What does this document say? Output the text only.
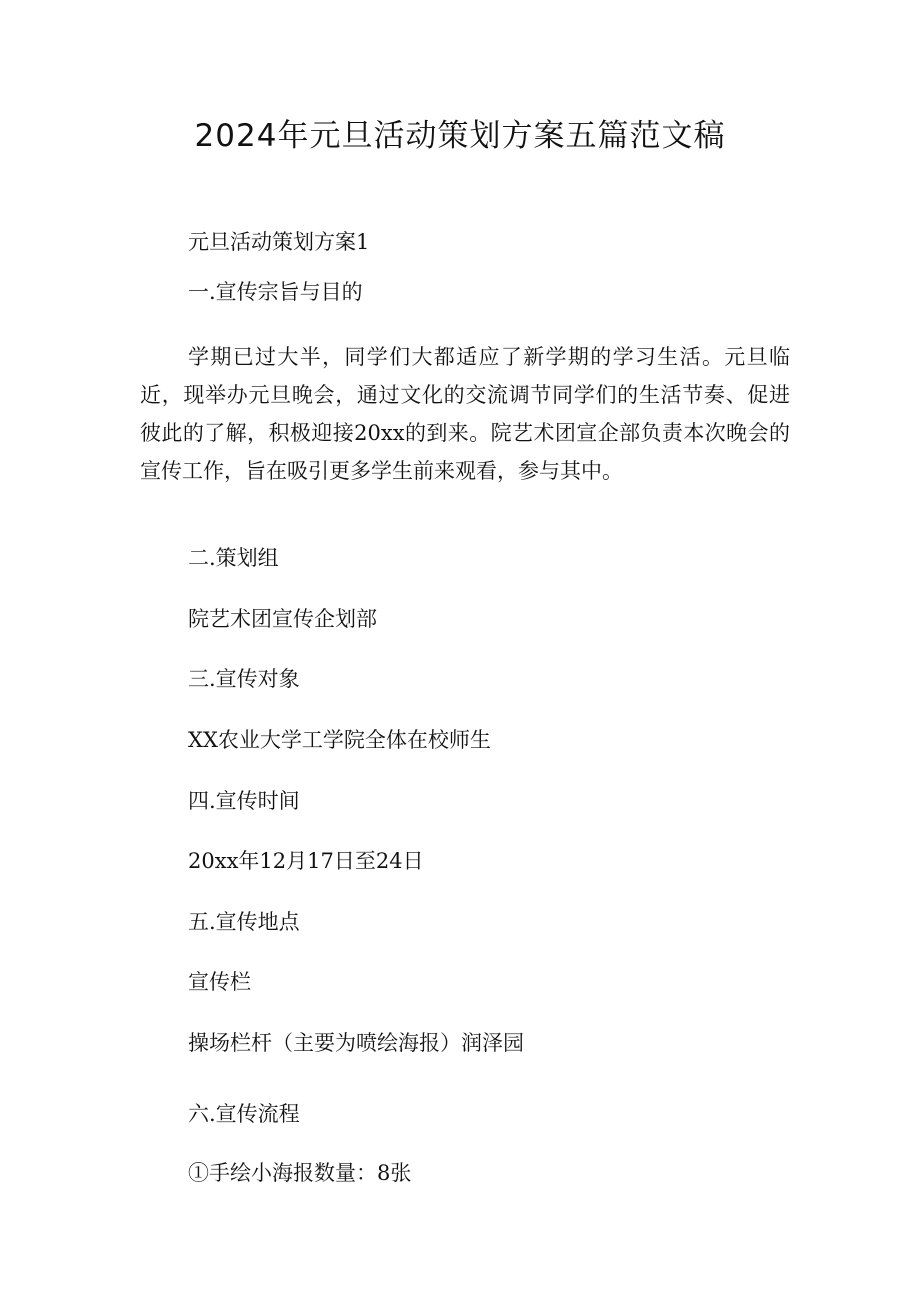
2024年元旦活动策划方案五篇范文稿

元旦活动策划方案1

一.宣传宗旨与目的

学期已过大半，同学们大都适应了新学期的学习生活。元旦临近，现举办元旦晚会，通过文化的交流调节同学们的生活节奏、促进彼此的了解，积极迎接20xx的到来。院艺术团宣企部负责本次晚会的宣传工作，旨在吸引更多学生前来观看，参与其中。

二.策划组

院艺术团宣传企划部

三.宣传对象

XX农业大学工学院全体在校师生

四.宣传时间

20xx年12月17日至24日

五.宣传地点

宣传栏

操场栏杆（主要为喷绘海报）润泽园

六.宣传流程

①手绘小海报数量：8张
